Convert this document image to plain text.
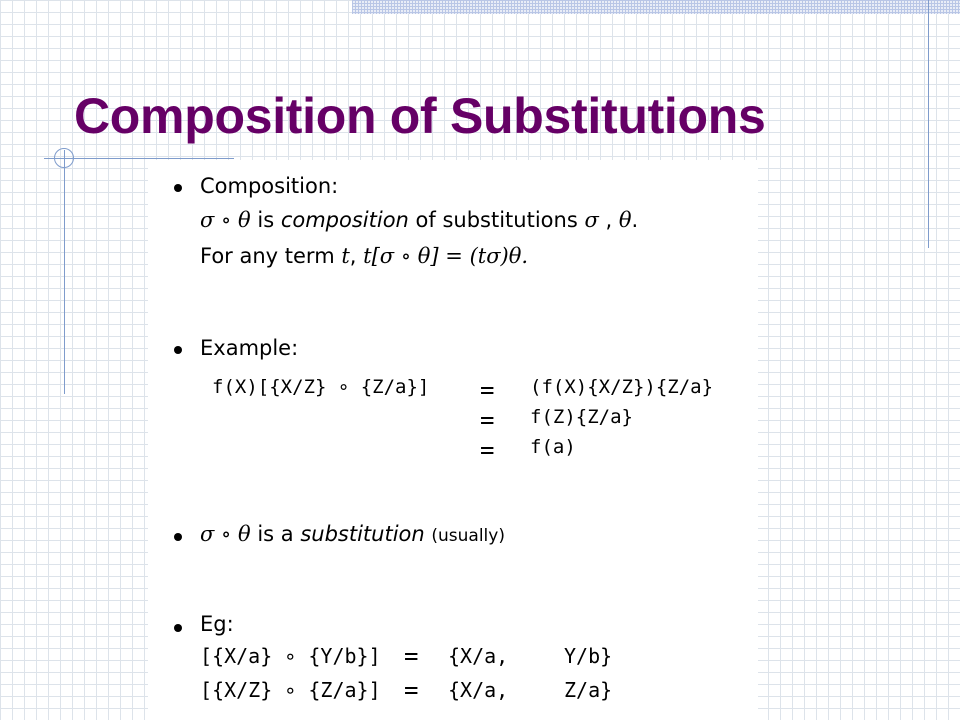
Composition of Substitutions
Composition:
σ ∘ θ is composition of substitutions σ , θ.
For any term t, t[σ ∘ θ] = (tσ)θ.
Example:
f(X)[{X/Z} ∘ {Z/a}] = (f(X){X/Z}){Z/a}
= f(Z){Z/a}
= f(a)
σ ∘ θ is a substitution (usually)
Eg:
[{X/a} ∘ {Y/b}] = {X/a,	Y/b}
[{X/Z} ∘ {Z/a}] = {X/a,	Z/a}
